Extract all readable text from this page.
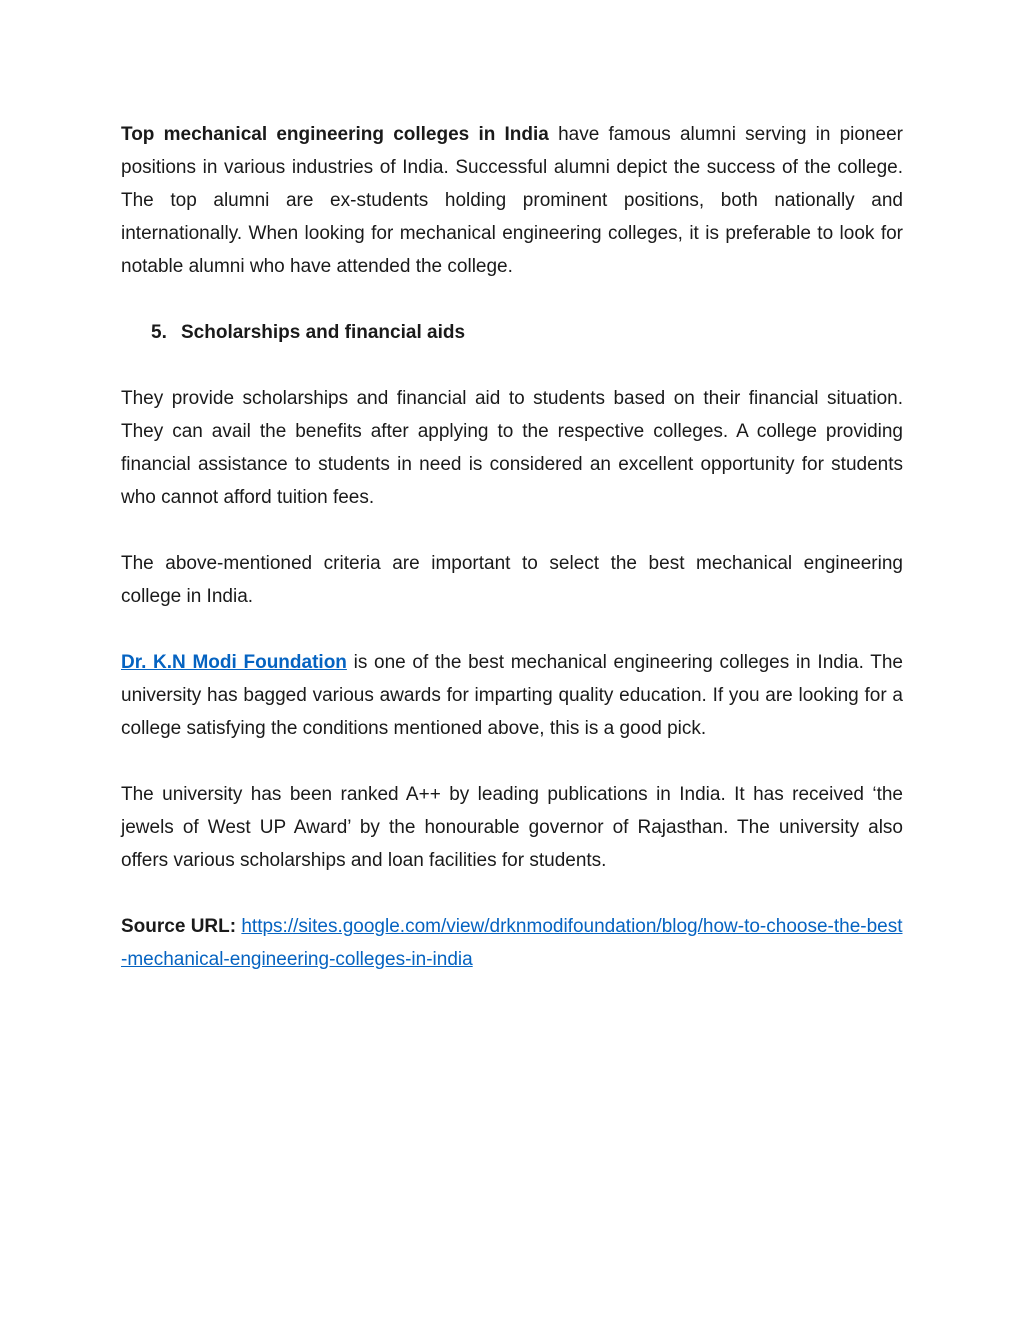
Top mechanical engineering colleges in India have famous alumni serving in pioneer positions in various industries of India. Successful alumni depict the success of the college. The top alumni are ex-students holding prominent positions, both nationally and internationally. When looking for mechanical engineering colleges, it is preferable to look for notable alumni who have attended the college.

5. Scholarships and financial aids

They provide scholarships and financial aid to students based on their financial situation. They can avail the benefits after applying to the respective colleges. A college providing financial assistance to students in need is considered an excellent opportunity for students who cannot afford tuition fees.

The above-mentioned criteria are important to select the best mechanical engineering college in India.

Dr. K.N Modi Foundation is one of the best mechanical engineering colleges in India. The university has bagged various awards for imparting quality education. If you are looking for a college satisfying the conditions mentioned above, this is a good pick.

The university has been ranked A++ by leading publications in India. It has received ‘the jewels of West UP Award’ by the honourable governor of Rajasthan. The university also offers various scholarships and loan facilities for students.

Source URL: https://sites.google.com/view/drknmodifoundation/blog/how-to-choose-the-best-mechanical-engineering-colleges-in-india
